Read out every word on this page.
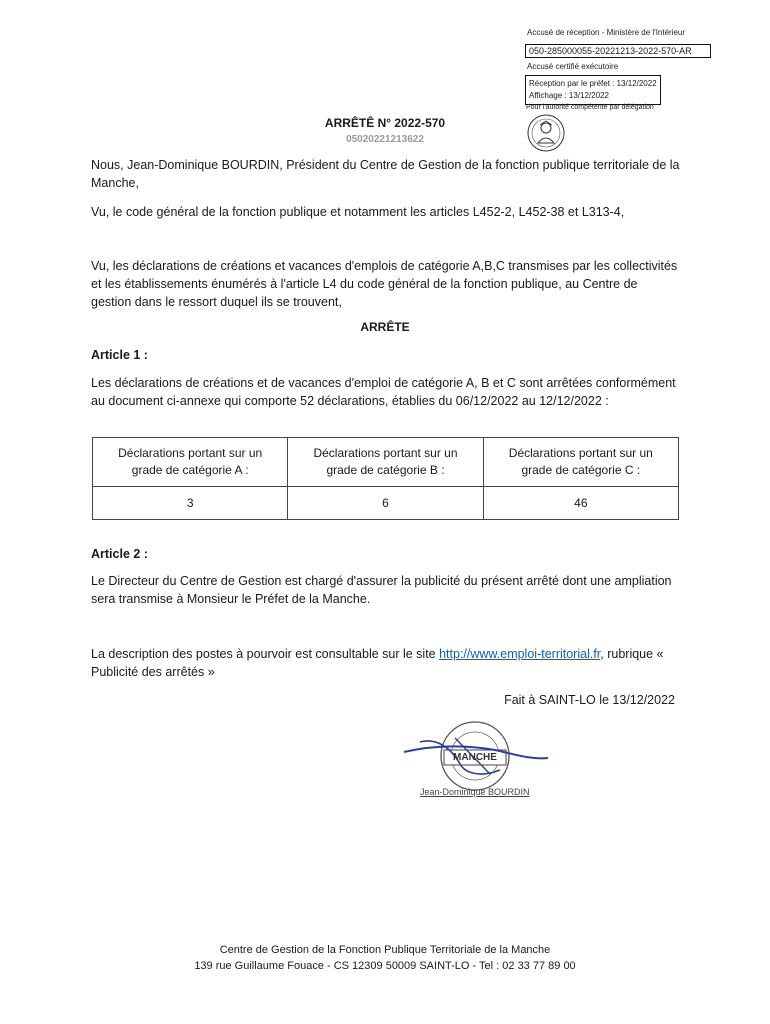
Accusé de réception - Ministère de l'Intérieur
050-285000055-20221213-2022-570-AR
Accusé certifié exécutoire
Réception par le préfet : 13/12/2022
Affichage : 13/12/2022
Pour l'autorité compétente par délégation
ARRÊTÊ N° 2022-570
05020221213622
Nous, Jean-Dominique BOURDIN, Président du Centre de Gestion de la fonction publique territoriale de la Manche,
Vu, le code général de la fonction publique et notamment les articles L452-2, L452-38 et L313-4,
Vu, les déclarations de créations et vacances d'emplois de catégorie A,B,C transmises par les collectivités et les établissements énumérés à l'article L4 du code général de la fonction publique, au Centre de gestion dans le ressort duquel ils se trouvent,
ARRÊTE
Article 1 :
Les déclarations de créations et de vacances d'emploi de catégorie A, B et C sont arrêtées conformément au document ci-annexe qui comporte 52 déclarations, établies du 06/12/2022 au 12/12/2022 :
Déclarations portant sur un grade de catégorie A :	Déclarations portant sur un grade de catégorie B :	Déclarations portant sur un grade de catégorie C :
3	6	46
Article 2 :
Le Directeur du Centre de Gestion est chargé d'assurer la publicité du présent arrêté dont une ampliation sera transmise à Monsieur le Préfet de la Manche.
La description des postes à pourvoir est consultable sur le site http://www.emploi-territorial.fr, rubrique « Publicité des arrêtés »
Fait à SAINT-LO le 13/12/2022
MANCHE
Jean-Dominique BOURDIN
Centre de Gestion de la Fonction Publique Territoriale de la Manche
139 rue Guillaume Fouace - CS 12309 50009 SAINT-LO - Tel : 02 33 77 89 00
